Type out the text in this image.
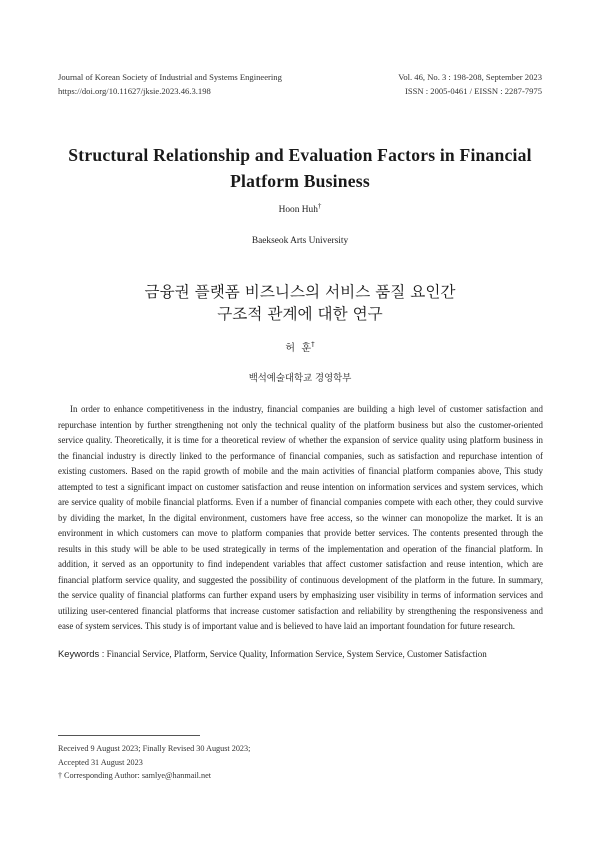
Journal of Korean Society of Industrial and Systems Engineering
https://doi.org/10.11627/jksie.2023.46.3.198
Vol. 46, No. 3 : 198-208, September 2023
ISSN : 2005-0461 / EISSN : 2287-7975
Structural Relationship and Evaluation Factors in Financial
Platform Business
Hoon Huh†
Baekseok Arts University
금융권 플랫폼 비즈니스의 서비스 품질 요인간
구조적 관계에 대한 연구
허  훈†
백석예술대학교 경영학부
In order to enhance competitiveness in the industry, financial companies are building a high level of customer satisfaction and repurchase intention by further strengthening not only the technical quality of the platform business but also the customer-oriented service quality. Theoretically, it is time for a theoretical review of whether the expansion of service quality using platform business in the financial industry is directly linked to the performance of financial companies, such as satisfaction and repurchase intention of existing customers. Based on the rapid growth of mobile and the main activities of financial platform companies above, This study attempted to test a significant impact on customer satisfaction and reuse intention on information services and system services, which are service quality of mobile financial platforms. Even if a number of financial companies compete with each other, they could survive by dividing the market, In the digital environment, customers have free access, so the winner can monopolize the market. It is an environment in which customers can move to platform companies that provide better services. The contents presented through the results in this study will be able to be used strategically in terms of the implementation and operation of the financial platform. In addition, it served as an opportunity to find independent variables that affect customer satisfaction and reuse intention, which are financial platform service quality, and suggested the possibility of continuous development of the platform in the future. In summary, the service quality of financial platforms can further expand users by emphasizing user visibility in terms of information services and utilizing user-centered financial platforms that increase customer satisfaction and reliability by strengthening the responsiveness and ease of system services. This study is of important value and is believed to have laid an important foundation for future research.
Keywords : Financial Service, Platform, Service Quality, Information Service, System Service, Customer Satisfaction
Received 9 August 2023; Finally Revised 30 August 2023;
Accepted 31 August 2023
† Corresponding Author: samlye@hanmail.net
